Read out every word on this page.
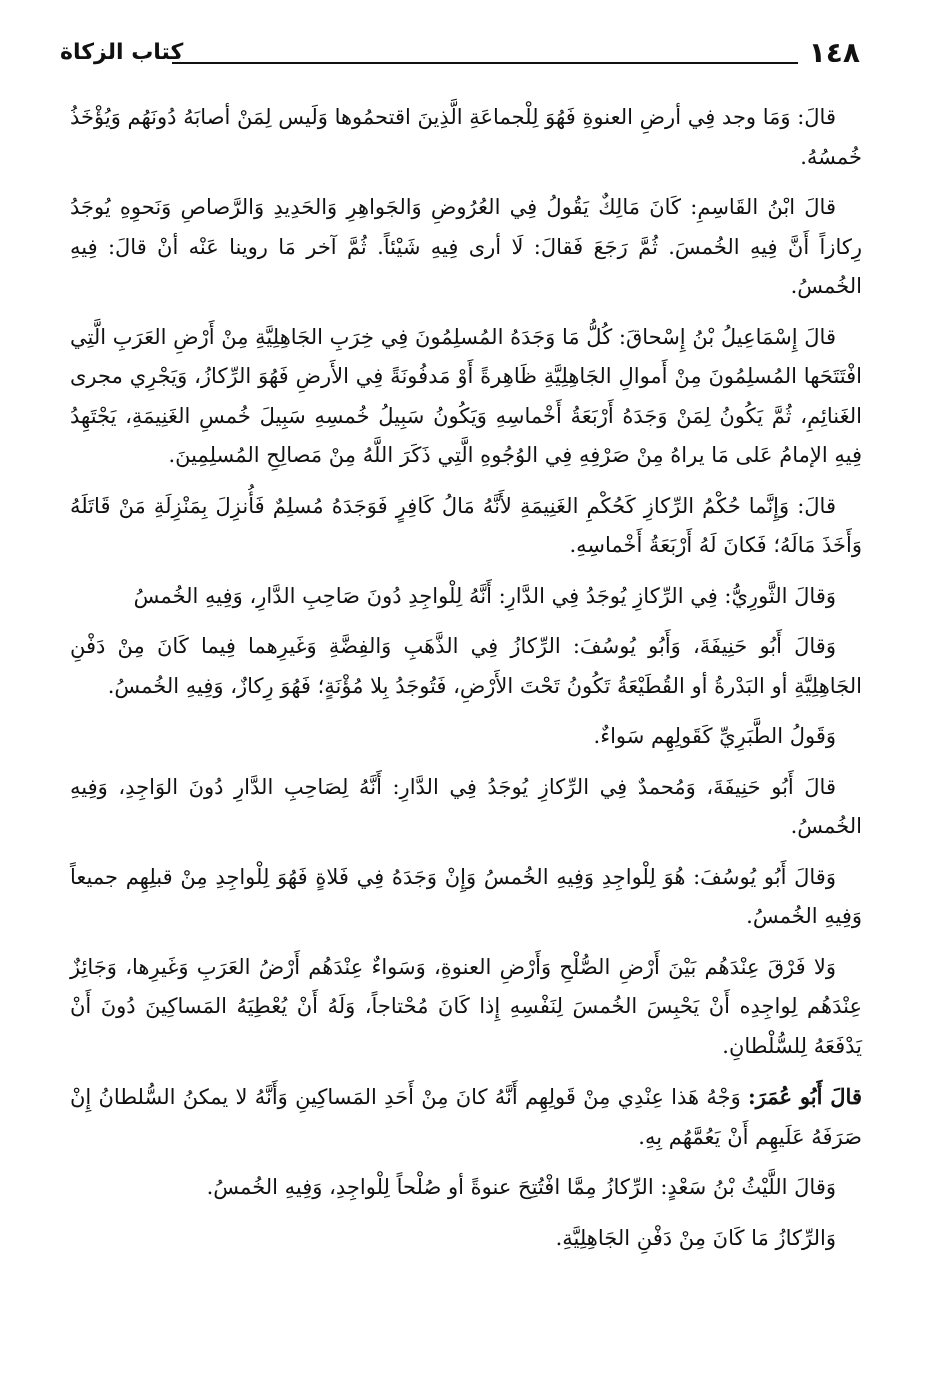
١٤٨
كتاب الزكاة

قالَ: وَمَا وجد فِي أرضِ العنوةِ فَهُوَ لِلْجماعَةِ الَّذِينَ اقتحمُوها وَلَيس لِمَنْ أصابَهُ دُونَهُم وَيُؤْخَذُ خُمسُهُ.

قالَ ابْنُ القَاسِمِ: كَانَ مَالِكٌ يَقُولُ فِي العُرُوضِ وَالجَواهِرِ وَالحَدِيدِ وَالرَّصاصِ وَنَحوِهِ يُوجَدُ رِكازاً أَنَّ فِيهِ الخُمسَ. ثُمَّ رَجَعَ فَقالَ: لَا أرى فِيهِ شَيْئاً. ثُمَّ آخر مَا روينا عَنْه أنْ قالَ: فِيهِ الخُمسُ.

قالَ إِسْمَاعِيلُ بْنُ إِسْحاقَ: كُلُّ مَا وَجَدَهُ المُسلِمُونَ فِي خِرَبِ الجَاهِلِيَّةِ مِنْ أَرْضِ العَرَبِ الَّتِي افْتَتَحَها المُسلِمُونَ مِنْ أَموالِ الجَاهِلِيَّةِ ظَاهِرةً أَوْ مَدفُونَةً فِي الأَرضِ فَهُوَ الرِّكازُ، وَيَجْرِي مجرى الغَنائِمِ، ثُمَّ يَكُونُ لِمَنْ وَجَدَهُ أَرْبَعَةُ أَخْماسِهِ وَيَكُونُ سَبِيلُ خُمسِهِ سَبِيلَ خُمسِ الغَنِيمَةِ، يَجْتَهِدُ فِيهِ الإمامُ عَلى مَا يراهُ مِنْ صَرْفِهِ فِي الوُجُوهِ الَّتِي ذَكَرَ اللَّهُ مِنْ مَصالِحِ المُسلِمِينَ.

قالَ: وَإِنَّما حُكْمُ الرِّكازِ كَحُكْمِ الغَنِيمَةِ لأَنَّهُ مَالُ كَافِرٍ فَوَجَدَهُ مُسلِمٌ فَأُنزِلَ بِمَنْزِلَةِ مَنْ قَاتَلَهُ وَأَخَذَ مَالَهُ؛ فَكانَ لَهُ أَرْبَعَةُ أَخْماسِهِ.

وَقالَ الثَّورِيُّ: فِي الرِّكازِ يُوجَدُ فِي الدَّارِ: أَنَّهُ لِلْواجِدِ دُونَ صَاحِبِ الدَّارِ، وَفِيهِ الخُمسُ

وَقالَ أَبُو حَنِيفَةَ، وَأَبُو يُوسُفَ: الرِّكازُ فِي الذَّهَبِ وَالفِضَّةِ وَغَيرِهما فِيما كَانَ مِنْ دَفْنِ الجَاهِلِيَّةِ أو البَدْرةُ أو القُطَيْعَةُ تَكُونُ تَحْتَ الأَرْضِ، فَتُوجَدُ بِلا مُؤْنَةٍ؛ فَهُوَ رِكازٌ، وَفِيهِ الخُمسُ.

وَقَولُ الطَّبَرِيِّ كَقَولِهِم سَواءٌ.

قالَ أَبُو حَنِيفَةَ، وَمُحمدٌ فِي الرِّكازِ يُوجَدُ فِي الدَّارِ: أَنَّهُ لِصَاحِبِ الدَّارِ دُونَ الوَاجِدِ، وَفِيهِ الخُمسُ.

وَقالَ أَبُو يُوسُفَ: هُوَ لِلْواجِدِ وَفِيهِ الخُمسُ وَإِنْ وَجَدَهُ فِي فَلاةٍ فَهُوَ لِلْواجِدِ مِنْ قبلِهِم جميعاً وَفِيهِ الخُمسُ.

وَلا فَرْقَ عِنْدَهُم بَيْنَ أَرْضِ الصُّلْحِ وَأَرْضِ العنوةِ، وَسَواءٌ عِنْدَهُم أَرْضُ العَرَبِ وَغَيرِها، وَجَائِزٌ عِنْدَهُم لِواجِدِه أَنْ يَحْبِسَ الخُمسَ لِنَفْسِهِ إِذا كَانَ مُحْتاجاً، وَلَهُ أَنْ يُعْطِيَهُ المَساكِينَ دُونَ أَنْ يَدْفَعَهُ لِلسُّلْطانِ.

قالَ أَبُو عُمَرَ: وَجْهُ هَذا عِنْدِي مِنْ قَولِهِم أَنَّهُ كانَ مِنْ أَحَدِ المَساكِينِ وَأَنَّهُ لا يمكنُ السُّلطانُ إِنْ صَرَفَهُ عَلَيهِم أَنْ يَعُمَّهُم بِهِ.

وَقالَ اللَّيْثُ بْنُ سَعْدٍ: الرِّكازُ مِمَّا افْتُتِحَ عنوةً أو صُلْحاً لِلْواجِدِ، وَفِيهِ الخُمسُ.

وَالرِّكازُ مَا كَانَ مِنْ دَفْنِ الجَاهِلِيَّةِ.
